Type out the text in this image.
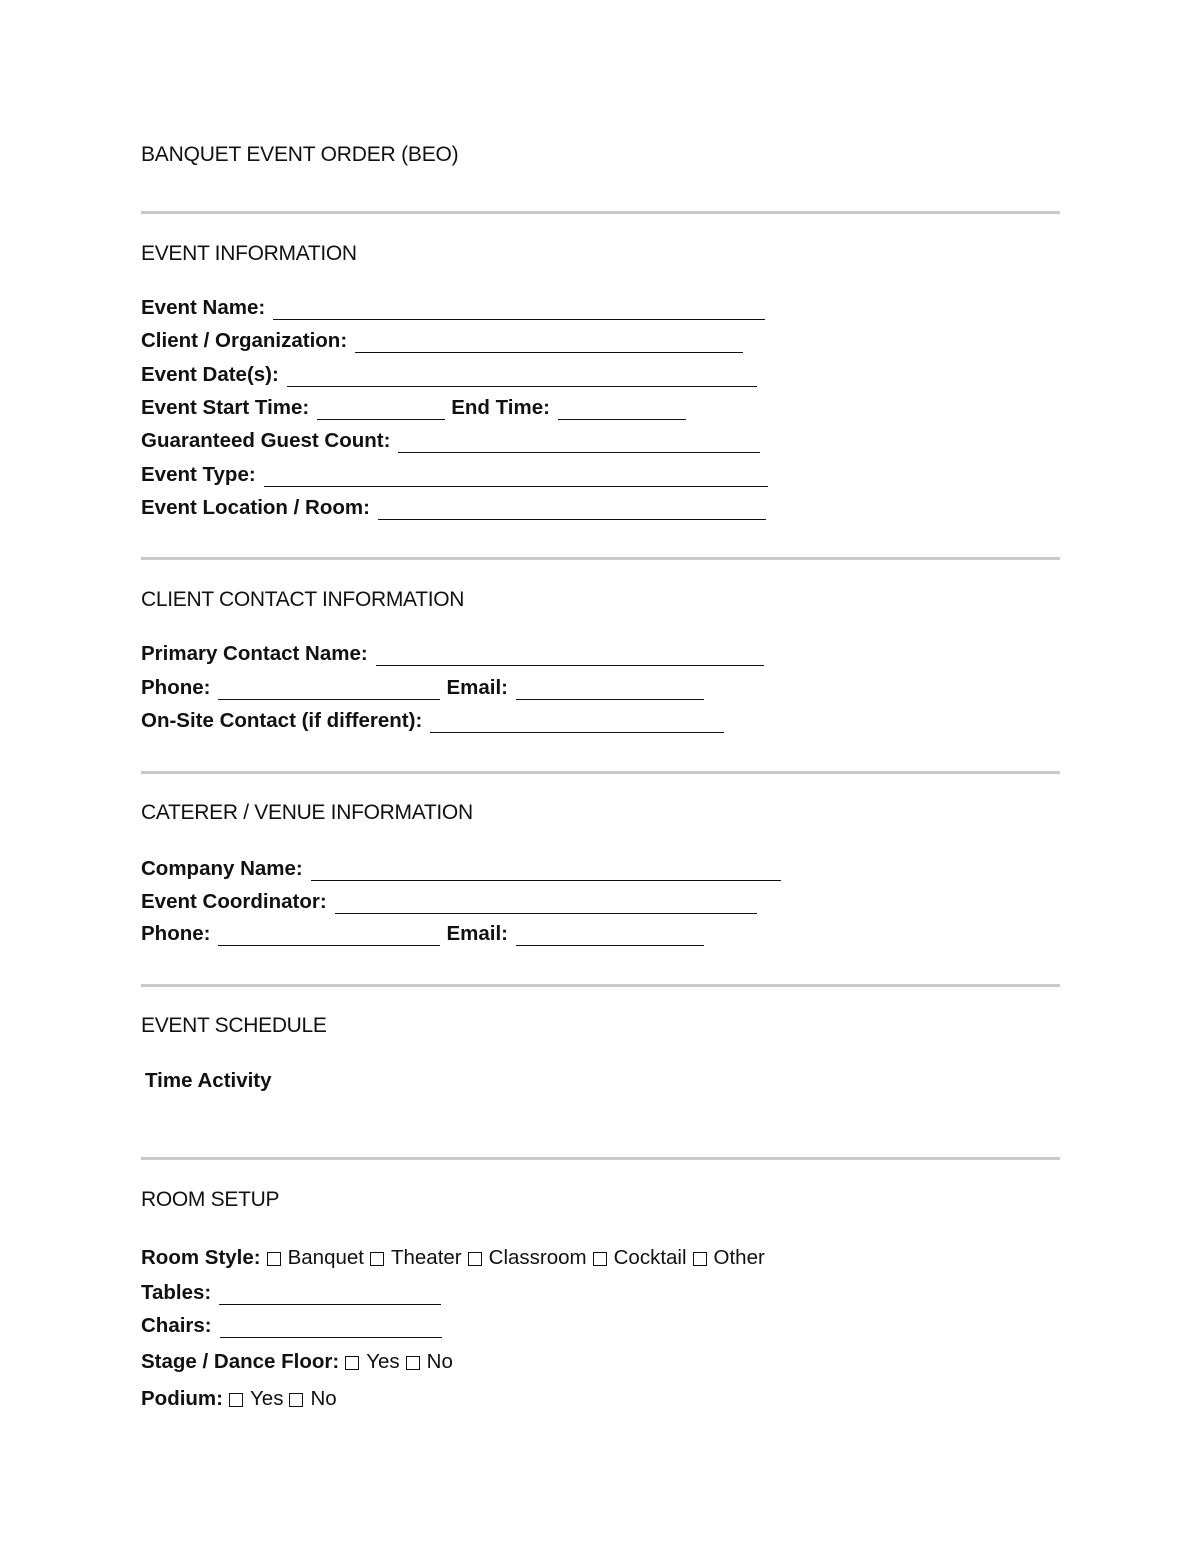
BANQUET EVENT ORDER (BEO)
EVENT INFORMATION
Event Name:
Client / Organization:
Event Date(s):
Event Start Time:	End Time:
Guaranteed Guest Count:
Event Type:
Event Location / Room:
CLIENT CONTACT INFORMATION
Primary Contact Name:
Phone:	Email:
On-Site Contact (if different):
CATERER / VENUE INFORMATION
Company Name:
Event Coordinator:
Phone:	Email:
EVENT SCHEDULE
Time Activity
ROOM SETUP
Room Style: Banquet Theater Classroom Cocktail Other
Tables:
Chairs:
Stage / Dance Floor: Yes No
Podium: Yes No
